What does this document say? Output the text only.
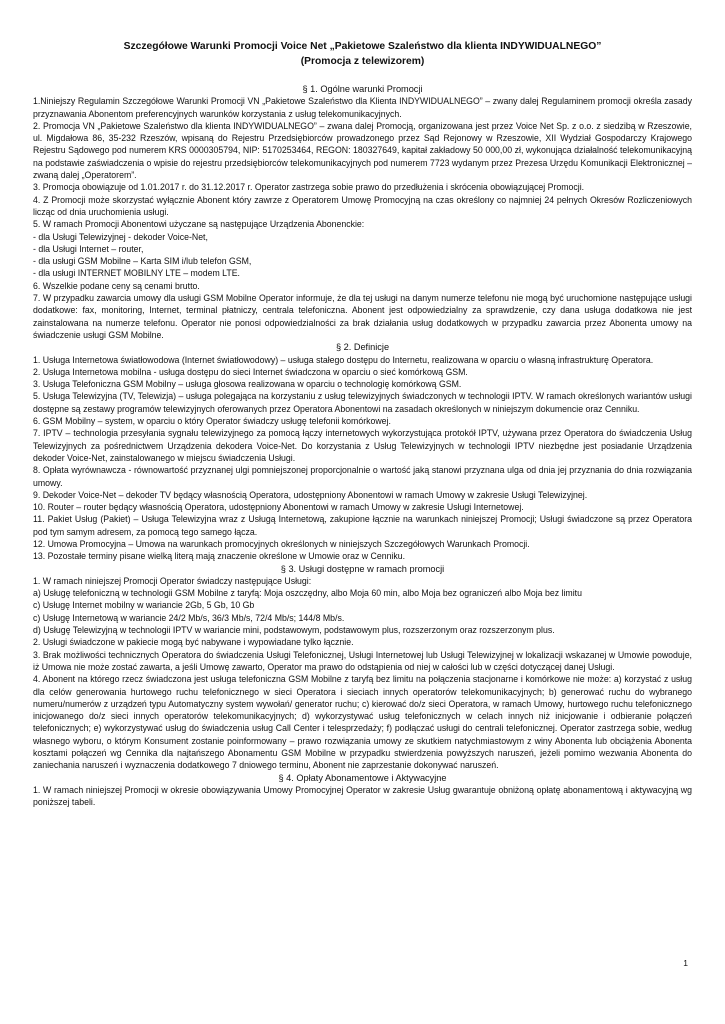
Szczegółowe Warunki Promocji Voice Net „Pakietowe Szaleństwo dla klienta INDYWIDUALNEGO”
(Promocja z telewizorem)
§ 1. Ogólne warunki Promocji
1.Niniejszy Regulamin Szczegółowe Warunki Promocji VN „Pakietowe Szaleństwo dla Klienta INDYWIDUALNEGO” – zwany dalej Regulaminem promocji określa zasady przyznawania Abonentom preferencyjnych warunków korzystania z usług telekomunikacyjnych.
2. Promocja VN „Pakietowe Szaleństwo dla klienta INDYWIDUALNEGO” – zwana dalej Promocją, organizowana jest przez Voice Net Sp. z o.o. z siedzibą w Rzeszowie, ul. Migdałowa 86, 35-232 Rzeszów, wpisaną do Rejestru Przedsiębiorców prowadzonego przez Sąd Rejonowy w Rzeszowie, XII Wydział Gospodarczy Krajowego Rejestru Sądowego pod numerem KRS 0000305794, NIP: 5170253464, REGON: 180327649, kapitał zakładowy 50 000,00 zł, wykonująca działalność telekomunikacyjną na podstawie zaświadczenia o wpisie do rejestru przedsiębiorców telekomunikacyjnych pod numerem 7723 wydanym przez Prezesa Urzędu Komunikacji Elektronicznej – zwaną dalej „Operatorem”.
3. Promocja obowiązuje od 1.01.2017 r. do 31.12.2017 r. Operator zastrzega sobie prawo do przedłużenia i skrócenia obowiązującej Promocji.
4. Z Promocji może skorzystać wyłącznie Abonent który zawrze z Operatorem Umowę Promocyjną na czas określony co najmniej 24 pełnych Okresów Rozliczeniowych licząc od dnia uruchomienia usługi.
5. W ramach Promocji Abonentowi użyczane są następujące Urządzenia Abonenckie:
- dla Usługi Telewizyjnej - dekoder Voice-Net,
- dla Usługi Internet – router,
- dla usługi GSM Mobilne – Karta SIM i/lub telefon GSM,
- dla usługi INTERNET MOBILNY LTE – modem LTE.
6. Wszelkie podane ceny są cenami brutto.
7. W przypadku zawarcia umowy dla usługi GSM Mobilne Operator informuje, że dla tej usługi na danym numerze telefonu nie mogą być uruchomione następujące usługi dodatkowe: fax, monitoring, Internet, terminal płatniczy, centrala telefoniczna. Abonent jest odpowiedzialny za sprawdzenie, czy dana usługa dodatkowa nie jest zainstalowana na numerze telefonu. Operator nie ponosi odpowiedzialności za brak działania usług dodatkowych w przypadku zawarcia przez Abonenta umowy na świadczenie usługi GSM Mobilne.
§ 2. Definicje
1. Usługa Internetowa światłowodowa (Internet światłowodowy) – usługa stałego dostępu do Internetu, realizowana w oparciu o własną infrastrukturę Operatora.
2. Usługa Internetowa mobilna - usługa dostępu do sieci Internet świadczona w oparciu o sieć komórkową GSM.
3. Usługa Telefoniczna GSM Mobilny – usługa głosowa realizowana w oparciu o technologię komórkową GSM.
5. Usługa Telewizyjna (TV, Telewizja) – usługa polegająca na korzystaniu z usług telewizyjnych świadczonych w technologii IPTV. W ramach określonych wariantów usługi dostępne są zestawy programów telewizyjnych oferowanych przez Operatora Abonentowi na zasadach określonych w niniejszym dokumencie oraz Cenniku.
6. GSM Mobilny – system, w oparciu o który Operator świadczy usługę telefonii komórkowej.
7. IPTV – technologia przesyłania sygnału telewizyjnego za pomocą łączy internetowych wykorzystująca protokół IPTV, używana przez Operatora do świadczenia Usług Telewizyjnych za pośrednictwem Urządzenia dekodera Voice-Net. Do korzystania z Usług Telewizyjnych w technologii IPTV niezbędne jest posiadanie Urządzenia dekoder Voice-Net, zainstalowanego w miejscu świadczenia Usługi.
8. Opłata wyrównawcza - równowartość przyznanej ulgi pomniejszonej proporcjonalnie o wartość jaką stanowi przyznana ulga od dnia jej przyznania do dnia rozwiązania umowy.
9. Dekoder Voice-Net – dekoder TV będący własnością Operatora, udostępniony Abonentowi w ramach Umowy w zakresie Usługi Telewizyjnej.
10. Router – router będący własnością Operatora, udostępniony Abonentowi w ramach Umowy w zakresie Usługi Internetowej.
11. Pakiet Usług (Pakiet) – Usługa Telewizyjna wraz z Usługą Internetową, zakupione łącznie na warunkach niniejszej Promocji; Usługi świadczone są przez Operatora pod tym samym adresem, za pomocą tego samego łącza.
12. Umowa Promocyjna – Umowa na warunkach promocyjnych określonych w niniejszych Szczegółowych Warunkach Promocji.
13. Pozostałe terminy pisane wielką literą mają znaczenie określone w Umowie oraz w Cenniku.
§ 3. Usługi dostępne w ramach promocji
1. W ramach niniejszej Promocji Operator świadczy następujące Usługi:
a) Usługę telefoniczną w technologii GSM Mobilne z taryfą: Moja oszczędny, albo Moja 60 min, albo Moja bez ograniczeń albo Moja bez limitu
c) Usługę Internet mobilny w wariancie 2Gb, 5 Gb, 10 Gb
c) Usługę Internetową w wariancie 24/2 Mb/s, 36/3 Mb/s, 72/4 Mb/s; 144/8 Mb/s.
d) Usługę Telewizyjną w technologii IPTV w wariancie mini, podstawowym, podstawowym plus, rozszerzonym oraz rozszerzonym plus.
2. Usługi świadczone w pakiecie mogą być nabywane i wypowiadane tylko łącznie.
3. Brak możliwości technicznych Operatora do świadczenia Usługi Telefonicznej, Usługi Internetowej lub Usługi Telewizyjnej w lokalizacji wskazanej w Umowie powoduje, iż Umowa nie może zostać zawarta, a jeśli Umowę zawarto, Operator ma prawo do odstąpienia od niej w całości lub w części dotyczącej danej Usługi.
4. Abonent na którego rzecz świadczona jest usługa telefoniczna GSM Mobilne z taryfą bez limitu na połączenia stacjonarne i komórkowe nie może: a) korzystać z usług dla celów generowania hurtowego ruchu telefonicznego w sieci Operatora i sieciach innych operatorów telekomunikacyjnych; b) generować ruchu do wybranego numeru/numerów z urządzeń typu Automatyczny system wywołań/ generator ruchu; c) kierować do/z sieci Operatora, w ramach Umowy, hurtowego ruchu telefonicznego inicjowanego do/z sieci innych operatorów telekomunikacyjnych; d) wykorzystywać usług telefonicznych w celach innych niż inicjowanie i odbieranie połączeń telefonicznych; e) wykorzystywać usług do świadczenia usług Call Center i telesprzedaży; f) podłączać usługi do centrali telefonicznej. Operator zastrzega sobie, według własnego wyboru, o którym Konsument zostanie poinformowany – prawo rozwiązania umowy ze skutkiem natychmiastowym z winy Abonenta lub obciążenia Abonenta kosztami połączeń wg Cennika dla najtańszego Abonamentu GSM Mobilne w przypadku stwierdzenia powyższych naruszeń, jeżeli pomimo wezwania Abonenta do zaniechania naruszeń i wyznaczenia dodatkowego 7 dniowego terminu, Abonent nie zaprzestanie dokonywać naruszeń.
§ 4. Opłaty Abonamentowe i Aktywacyjne
1. W ramach niniejszej Promocji w okresie obowiązywania Umowy Promocyjnej Operator w zakresie Usług gwarantuje obniżoną opłatę abonamentową i aktywacyjną wg poniższej tabeli.
1
